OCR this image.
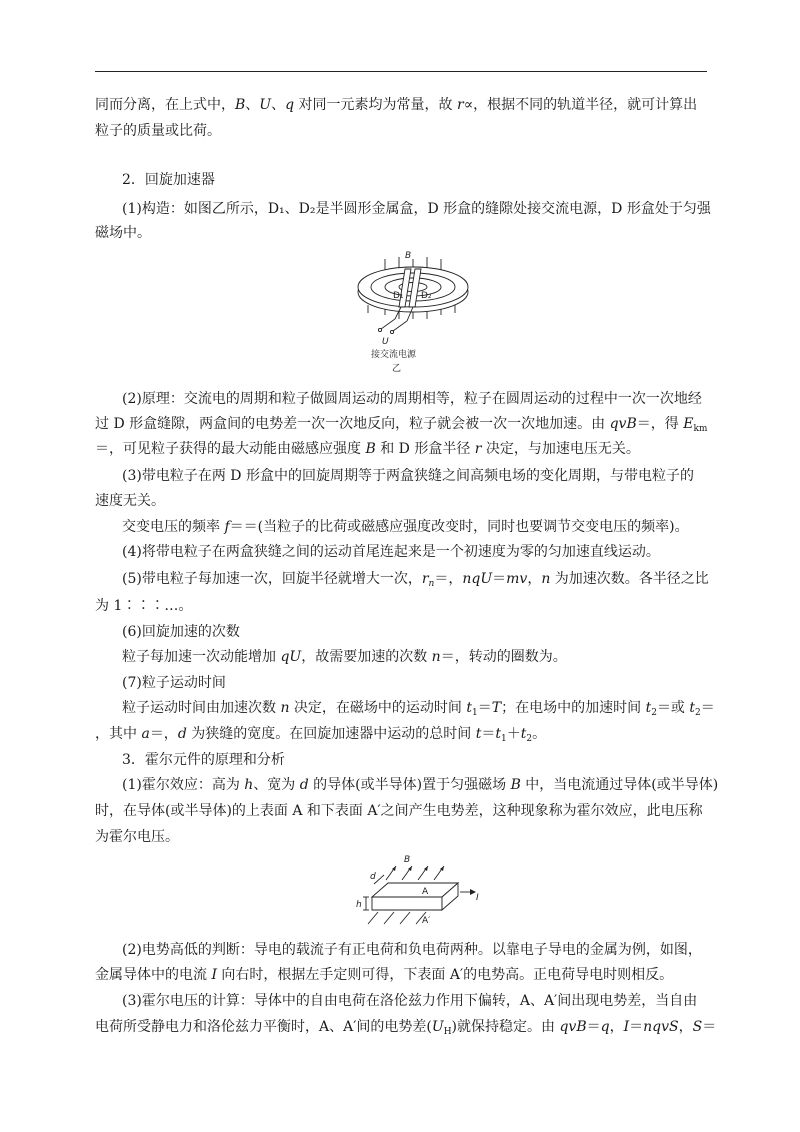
同而分离，在上式中，B、U、q 对同一元素均为常量，故 r∝，根据不同的轨道半径，就可计算出
粒子的质量或比荷。
2．回旋加速器
(1)构造：如图乙所示，D₁、D₂是半圆形金属盒，D 形盒的缝隙处接交流电源，D 形盒处于匀强
磁场中。
B
D₁ D₂
U
接交流电源
乙
(2)原理：交流电的周期和粒子做圆周运动的周期相等，粒子在圆周运动的过程中一次一次地经
过 D 形盒缝隙，两盒间的电势差一次一次地反向，粒子就会被一次一次地加速。由 qvB＝，得 $E_{km}$
＝，可见粒子获得的最大动能由磁感应强度 B 和 D 形盒半径 r 决定，与加速电压无关。
(3)带电粒子在两 D 形盒中的回旋周期等于两盒狭缝之间高频电场的变化周期，与带电粒子的
速度无关。
交变电压的频率 f＝＝(当粒子的比荷或磁感应强度改变时，同时也要调节交变电压的频率)。
(4)将带电粒子在两盒狭缝之间的运动首尾连起来是一个初速度为零的匀加速直线运动。
(5)带电粒子每加速一次，回旋半径就增大一次，$r_n=$，nqU＝mv，n 为加速次数。各半径之比
为 1∶∶∶…。
(6)回旋加速的次数
粒子每加速一次动能增加 qU，故需要加速的次数 n＝，转动的圈数为。
(7)粒子运动时间
粒子运动时间由加速次数 n 决定，在磁场中的运动时间 $t_1=T$；在电场中的加速时间 $t_2=$或 $t_2=$
，其中 a＝，d 为狭缝的宽度。在回旋加速器中运动的总时间 $t=t_1+t_2$。
3．霍尔元件的原理和分析
(1)霍尔效应：高为 h、宽为 d 的导体(或半导体)置于匀强磁场 B 中，当电流通过导体(或半导体)
时，在导体(或半导体)的上表面 A 和下表面 A′之间产生电势差，这种现象称为霍尔效应，此电压称
为霍尔电压。
B
d
A
I
h
A′
(2)电势高低的判断：导电的载流子有正电荷和负电荷两种。以靠电子导电的金属为例，如图，
金属导体中的电流 I 向右时，根据左手定则可得，下表面 A′的电势高。正电荷导电时则相反。
(3)霍尔电压的计算：导体中的自由电荷在洛伦兹力作用下偏转，A、A′间出现电势差，当自由
电荷所受静电力和洛伦兹力平衡时，A、A′间的电势差$(U_H)$就保持稳定。由 qvB＝q，I＝nqvS，S＝
